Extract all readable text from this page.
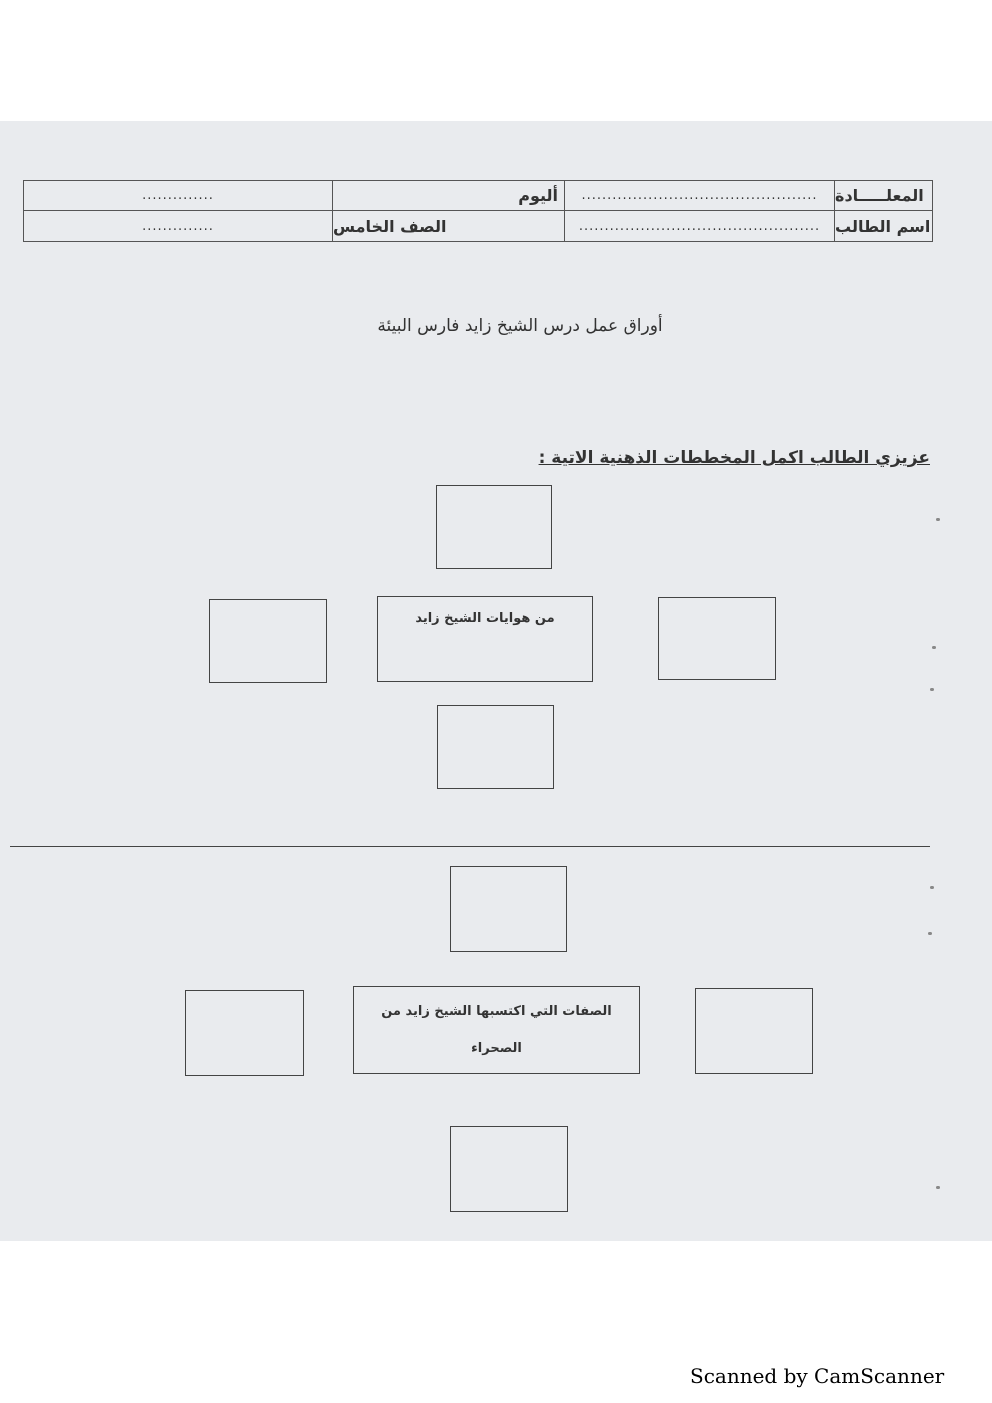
المعلـــــادة
..............................................
أليوم
..............
اسم الطالب
...............................................
الصف الخامس
..............
أوراق عمل درس الشيخ زايد فارس البيئة
عزيزي الطالب اكمل المخططات الذهنية الاتية :
من هوايات الشيخ زايد
الصفات التي اكتسبها الشيخ زايد من
الصحراء
Scanned by CamScanner
